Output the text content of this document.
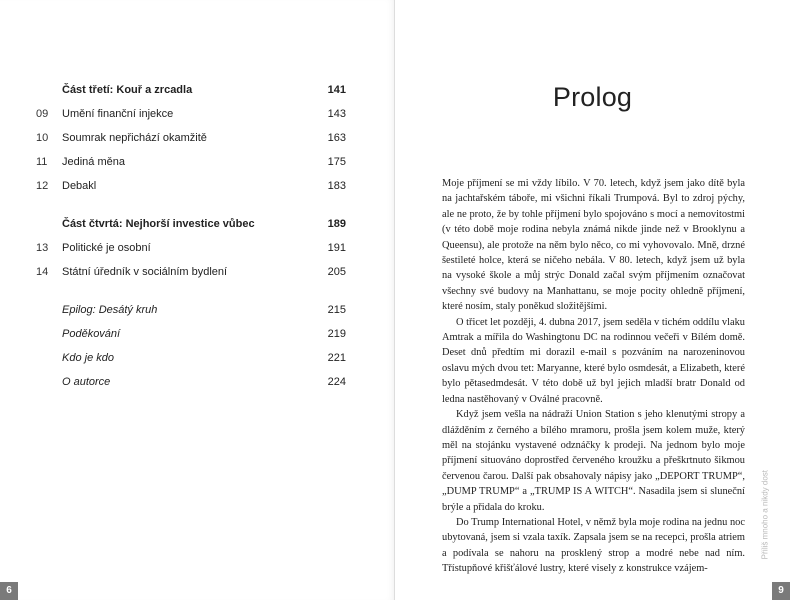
Část třetí: Kouř a zrcadla	141
09	Umění finanční injekce	143
10	Soumrak nepřichází okamžitě	163
11	Jediná měna	175
12	Debakl	183
Část čtvrtá: Nejhorší investice vůbec	189
13	Politické je osobní	191
14	Státní úředník v sociálním bydlení	205
Epilog: Desátý kruh	215
Poděkování	219
Kdo je kdo	221
O autorce	224
6
Prolog

Moje příjmení se mi vždy líbilo. V 70. letech, když jsem jako dítě byla na jachtařském táboře, mi všichni říkali Trumpová. Byl to zdroj pýchy, ale ne proto, že by tohle příjmení bylo spojováno s mocí a nemovitostmi (v této době moje rodina nebyla známá nikde jinde než v Brooklynu a Queensu), ale protože na něm bylo něco, co mi vyhovovalo. Mně, drzné šestileté holce, která se ničeho nebála. V 80. letech, když jsem už byla na vysoké škole a můj strýc Donald začal svým příjmením označovat všechny své budovy na Manhattanu, se moje pocity ohledně příjmení, které nosím, staly poněkud složitějšími.

O třicet let později, 4. dubna 2017, jsem seděla v tichém oddílu vlaku Amtrak a mířila do Washingtonu DC na rodinnou večeři v Bílém domě. Deset dnů předtím mi dorazil e-mail s pozváním na narozeninovou oslavu mých dvou tet: Maryanne, které bylo osmdesát, a Elizabeth, které bylo pětasedmdesát. V této době už byl jejich mladší bratr Donald od ledna nastěhovaný v Oválné pracovně.

Když jsem vešla na nádraží Union Station s jeho klenutými stropy a dlážděním z černého a bílého mramoru, prošla jsem kolem muže, který měl na stojánku vystavené odznáčky k prodeji. Na jednom bylo moje příjmení situováno doprostřed červeného kroužku a přeškrtnuto šikmou červenou čarou. Další pak obsahovaly nápisy jako „DEPORT TRUMP“, „DUMP TRUMP“ a „TRUMP IS A WITCH“. Nasadila jsem si sluneční brýle a přidala do kroku.

Do Trump International Hotel, v němž byla moje rodina na jednu noc ubytovaná, jsem si vzala taxík. Zapsala jsem se na recepci, prošla atriem a podívala se nahoru na prosklený strop a modré nebe nad ním. Třístupňové křišťálové lustry, které visely z konstrukce vzájem-

Příliš mnoho a nikdy dost
9
